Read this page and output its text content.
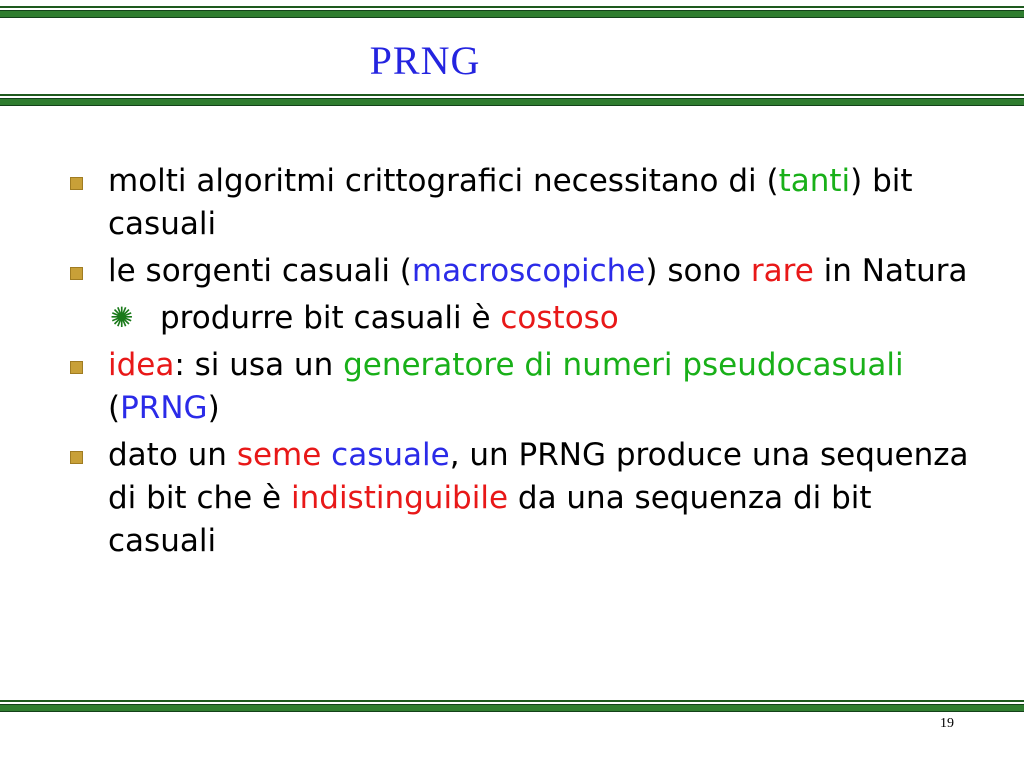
PRNG
molti algoritmi crittografici necessitano di (tanti) bit casuali
le sorgenti casuali (macroscopiche) sono rare in Natura
✺ produrre bit casuali è costoso
idea: si usa un generatore di numeri pseudocasuali (PRNG)
dato un seme casuale, un PRNG produce una sequenza di bit che è indistinguibile da una sequenza di bit casuali
19
